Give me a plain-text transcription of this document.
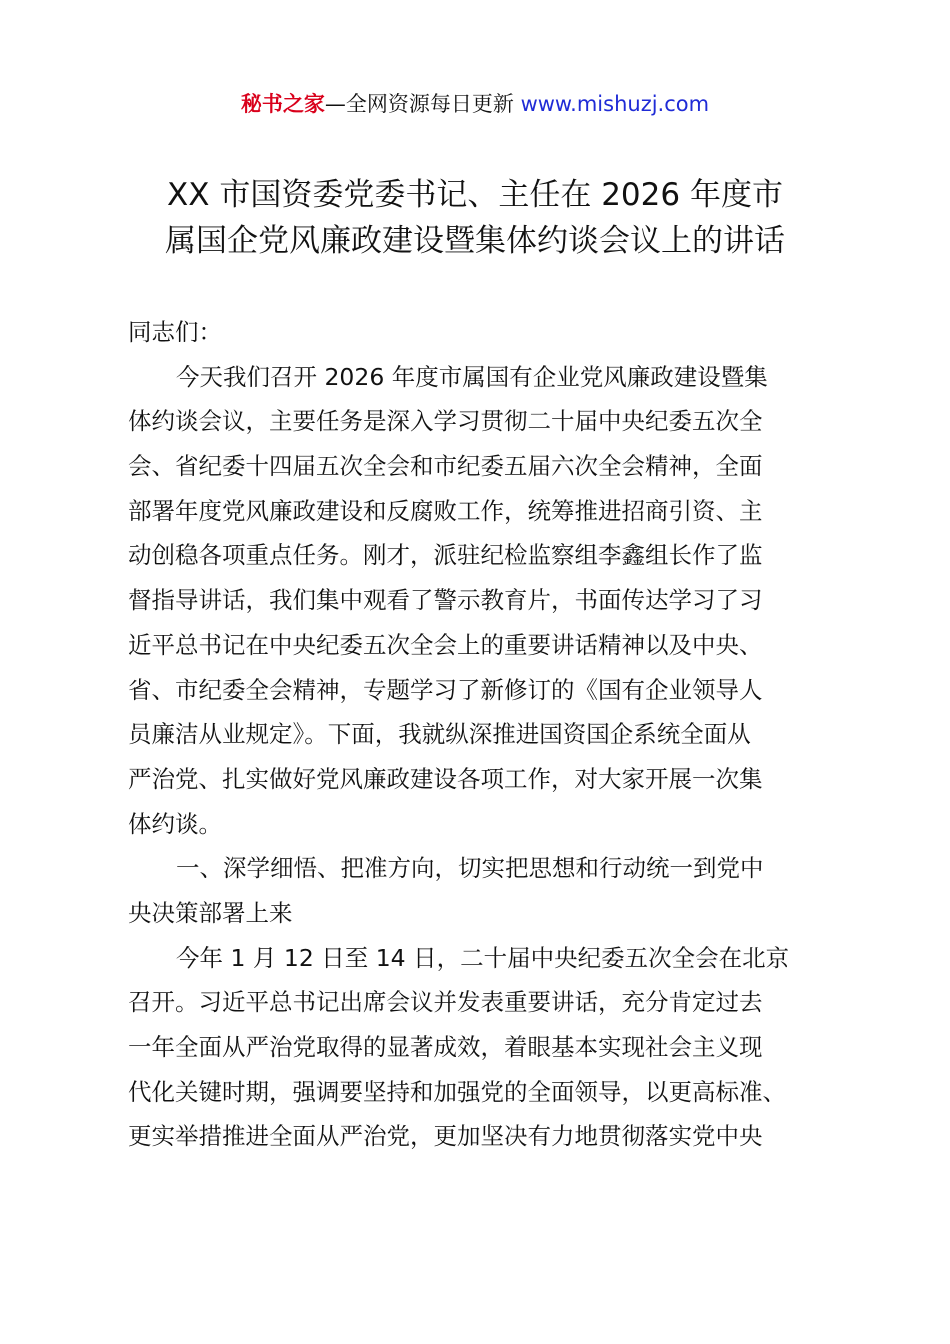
秘书之家—全网资源每日更新 www.mishuzj.com
XX 市国资委党委书记、主任在 2026 年度市
属国企党风廉政建设暨集体约谈会议上的讲话
同志们：
今天我们召开 2026 年度市属国有企业党风廉政建设暨集
体约谈会议，主要任务是深入学习贯彻二十届中央纪委五次全
会、省纪委十四届五次全会和市纪委五届六次全会精神，全面
部署年度党风廉政建设和反腐败工作，统筹推进招商引资、主
动创稳各项重点任务。刚才，派驻纪检监察组李鑫组长作了监
督指导讲话，我们集中观看了警示教育片，书面传达学习了习
近平总书记在中央纪委五次全会上的重要讲话精神以及中央、
省、市纪委全会精神，专题学习了新修订的《国有企业领导人
员廉洁从业规定》。下面，我就纵深推进国资国企系统全面从
严治党、扎实做好党风廉政建设各项工作，对大家开展一次集
体约谈。
一、深学细悟、把准方向，切实把思想和行动统一到党中
央决策部署上来
今年 1 月 12 日至 14 日，二十届中央纪委五次全会在北京
召开。习近平总书记出席会议并发表重要讲话，充分肯定过去
一年全面从严治党取得的显著成效，着眼基本实现社会主义现
代化关键时期，强调要坚持和加强党的全面领导，以更高标准、
更实举措推进全面从严治党，更加坚决有力地贯彻落实党中央
